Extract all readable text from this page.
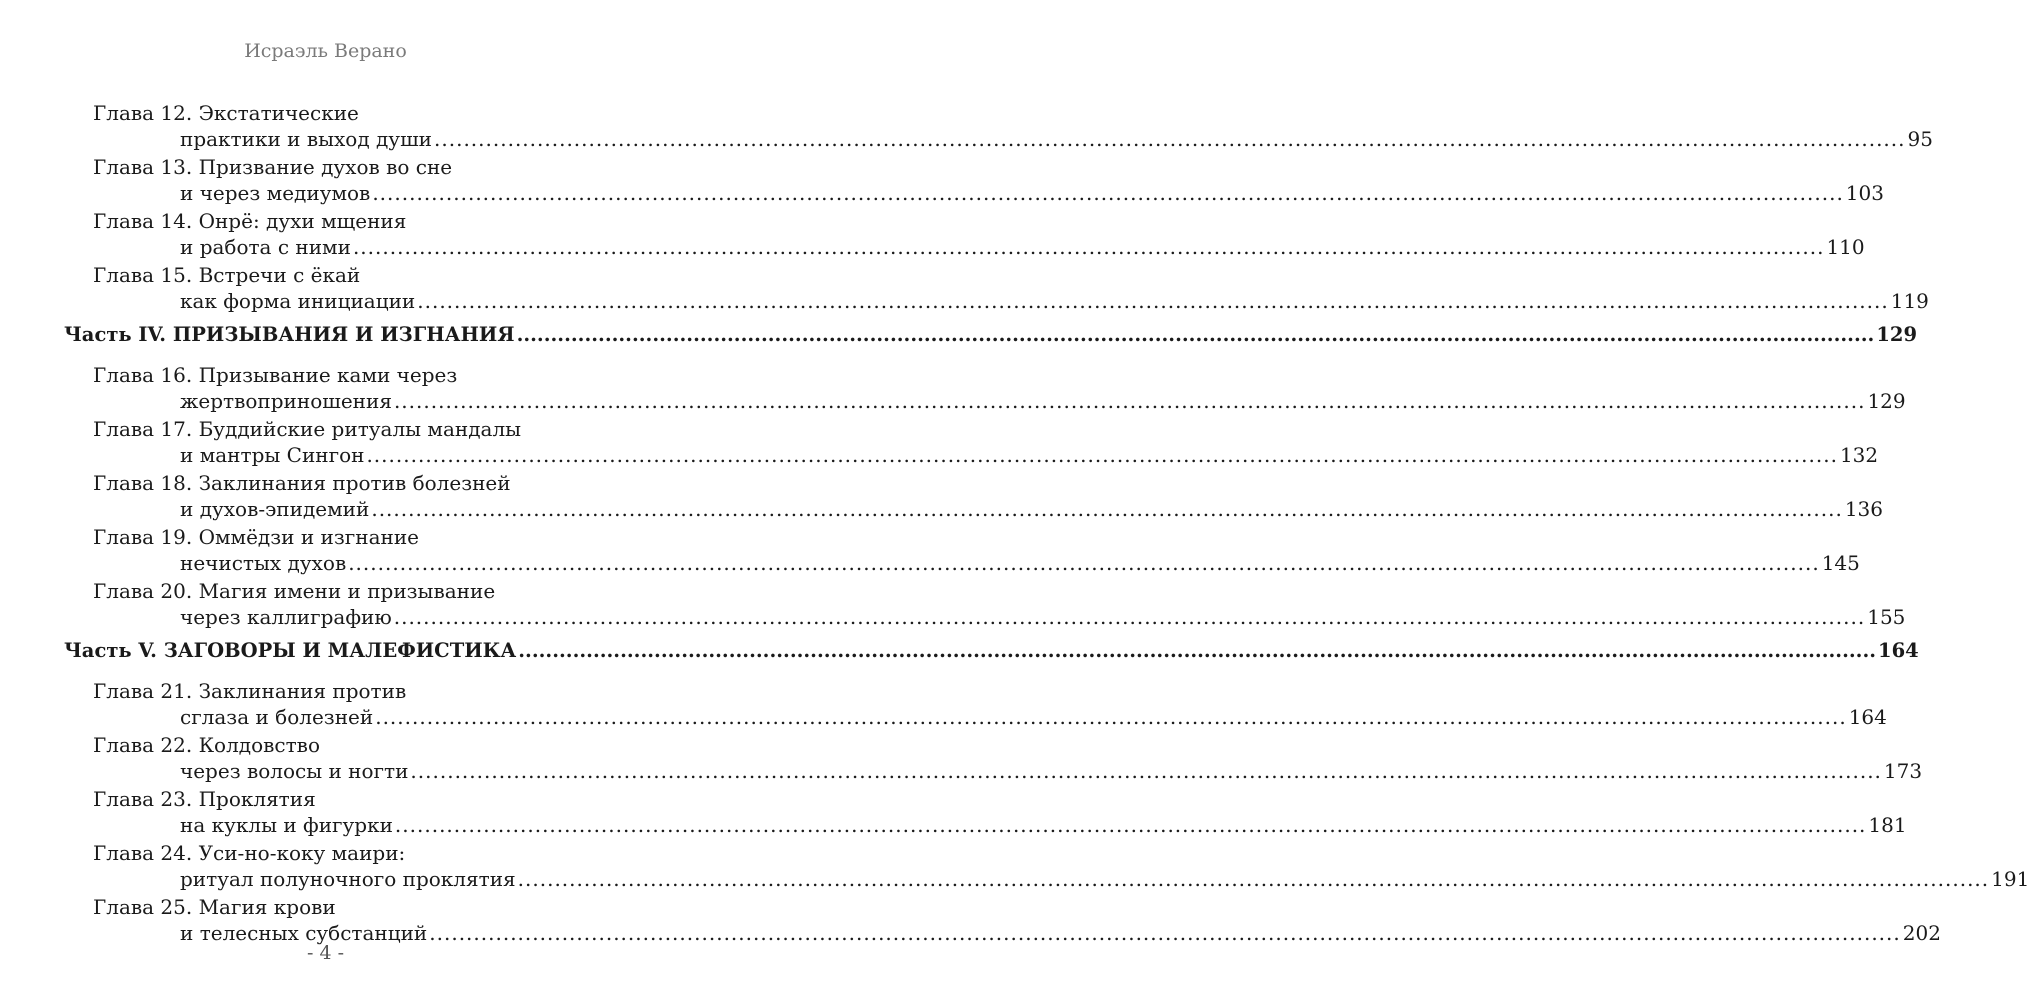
Исраэль Верано
Глава 12. Экстатические
практики и выход души ........................................................................................................................................................................................................ 95
Глава 13. Призвание духов во сне
и через медиумов ........................................................................................................................................................................................................ 103
Глава 14. Онрё: духи мщения
и работа с ними ........................................................................................................................................................................................................ 110
Глава 15. Встречи с ёкай
как форма инициации ........................................................................................................................................................................................................ 119
Часть IV. ПРИЗЫВАНИЯ И ИЗГНАНИЯ ........................................................................................................................................................................................................ 129
Глава 16. Призывание ками через
жертвоприношения ........................................................................................................................................................................................................ 129
Глава 17. Буддийские ритуалы мандалы
и мантры Сингон ........................................................................................................................................................................................................ 132
Глава 18. Заклинания против болезней
и духов-эпидемий ........................................................................................................................................................................................................ 136
Глава 19. Оммёдзи и изгнание
нечистых духов ........................................................................................................................................................................................................ 145
Глава 20. Магия имени и призывание
через каллиграфию ........................................................................................................................................................................................................ 155
Часть V. ЗАГОВОРЫ И МАЛЕФИСТИКА ........................................................................................................................................................................................................ 164
Глава 21. Заклинания против
сглаза и болезней ........................................................................................................................................................................................................ 164
Глава 22. Колдовство
через волосы и ногти ........................................................................................................................................................................................................ 173
Глава 23. Проклятия
на куклы и фигурки ........................................................................................................................................................................................................ 181
Глава 24. Уси-но-коку маири:
ритуал полуночного проклятия ........................................................................................................................................................................................................ 191
Глава 25. Магия крови
и телесных субстанций ........................................................................................................................................................................................................ 202
- 4 -
